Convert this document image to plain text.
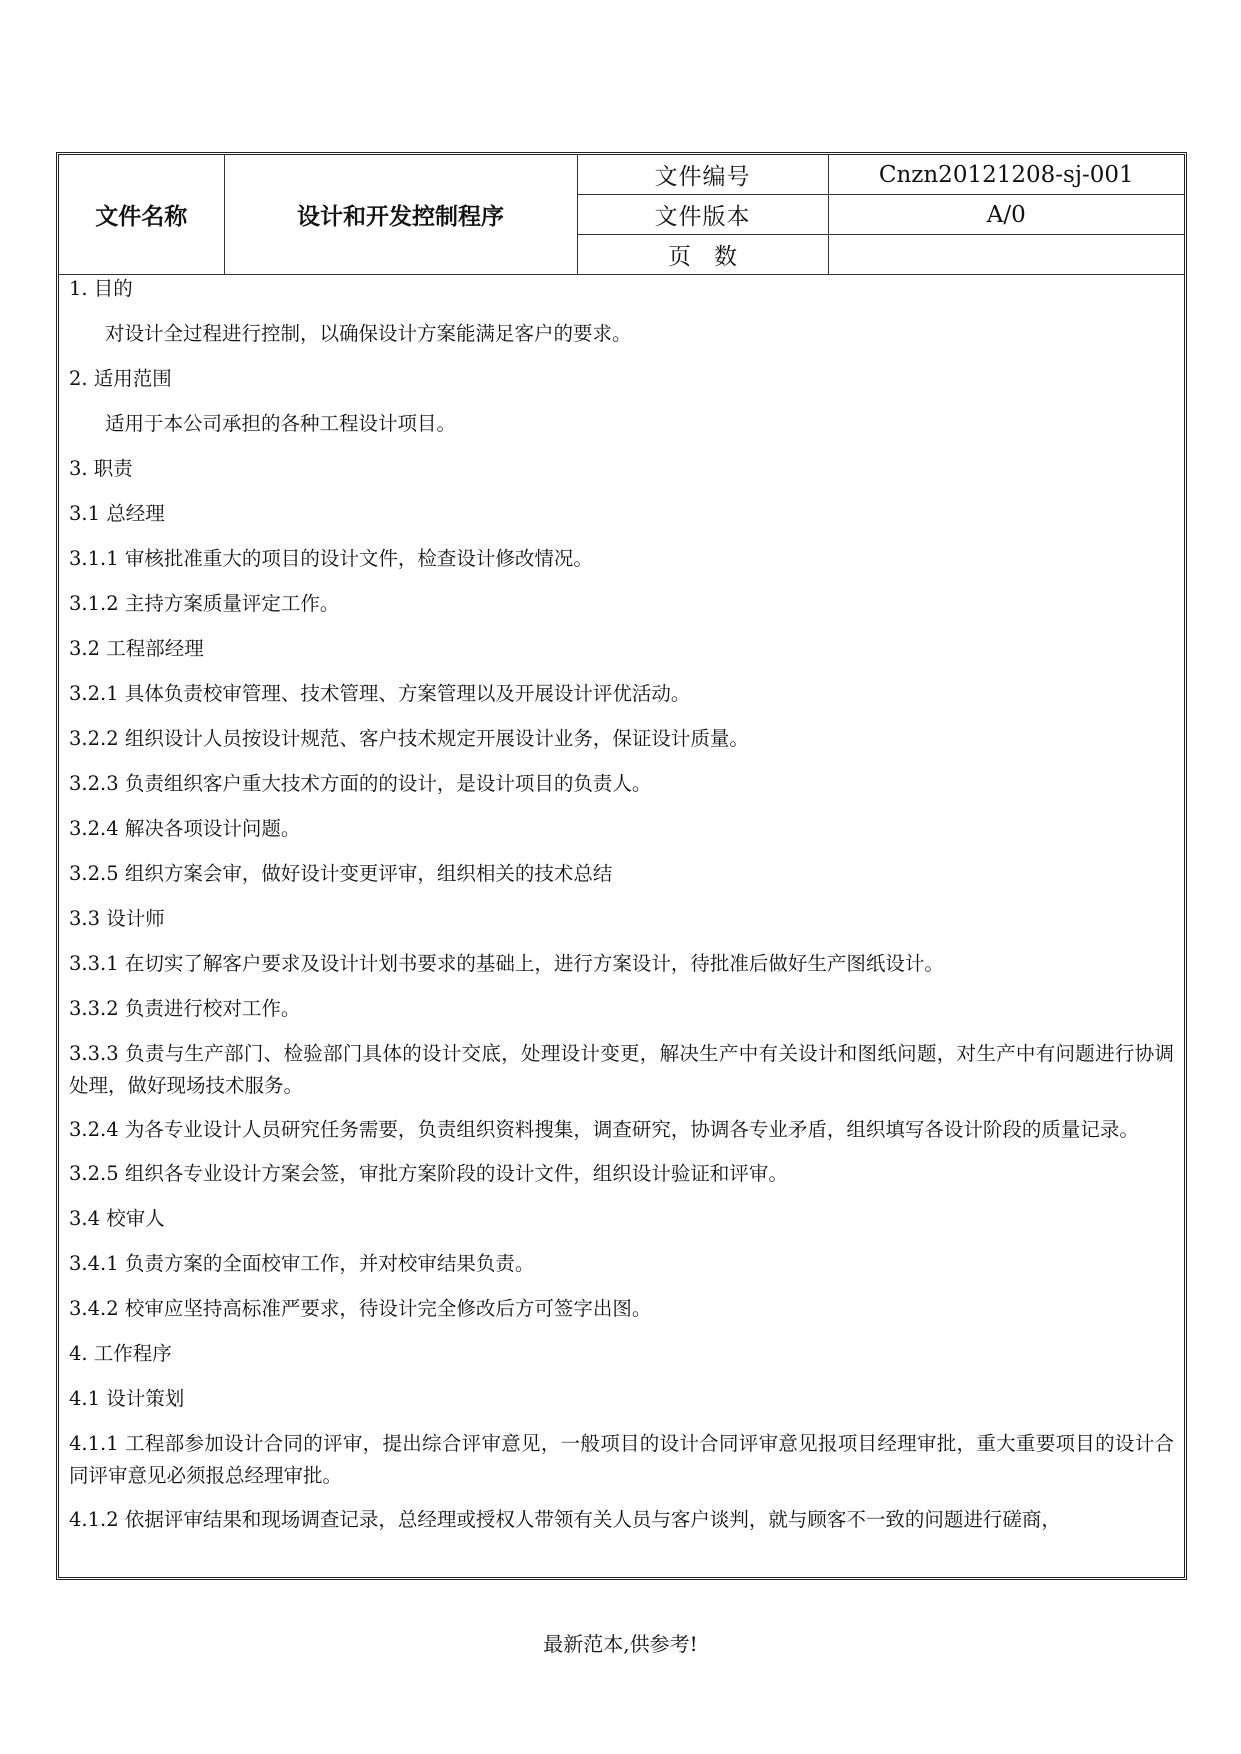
文件名称	设计和开发控制程序	文件编号	Cnzn20121208-sj-001
		文件版本	A/0
		页　数	

1. 目的

对设计全过程进行控制，以确保设计方案能满足客户的要求。

2. 适用范围

适用于本公司承担的各种工程设计项目。

3. 职责

3.1 总经理

3.1.1 审核批准重大的项目的设计文件，检查设计修改情况。

3.1.2 主持方案质量评定工作。

3.2 工程部经理

3.2.1 具体负责校审管理、技术管理、方案管理以及开展设计评优活动。

3.2.2 组织设计人员按设计规范、客户技术规定开展设计业务，保证设计质量。

3.2.3 负责组织客户重大技术方面的的设计，是设计项目的负责人。

3.2.4 解决各项设计问题。

3.2.5 组织方案会审，做好设计变更评审，组织相关的技术总结

3.3 设计师

3.3.1 在切实了解客户要求及设计计划书要求的基础上，进行方案设计，待批准后做好生产图纸设计。

3.3.2 负责进行校对工作。

3.3.3 负责与生产部门、检验部门具体的设计交底，处理设计变更，解决生产中有关设计和图纸问题，对生产中有问题进行协调处理，做好现场技术服务。

3.2.4 为各专业设计人员研究任务需要，负责组织资料搜集，调查研究，协调各专业矛盾，组织填写各设计阶段的质量记录。

3.2.5 组织各专业设计方案会签，审批方案阶段的设计文件，组织设计验证和评审。

3.4 校审人

3.4.1 负责方案的全面校审工作，并对校审结果负责。

3.4.2 校审应坚持高标准严要求，待设计完全修改后方可签字出图。

4. 工作程序

4.1 设计策划

4.1.1 工程部参加设计合同的评审，提出综合评审意见，一般项目的设计合同评审意见报项目经理审批，重大重要项目的设计合同评审意见必须报总经理审批。

4.1.2 依据评审结果和现场调查记录，总经理或授权人带领有关人员与客户谈判，就与顾客不一致的问题进行磋商，

最新范本,供参考!
